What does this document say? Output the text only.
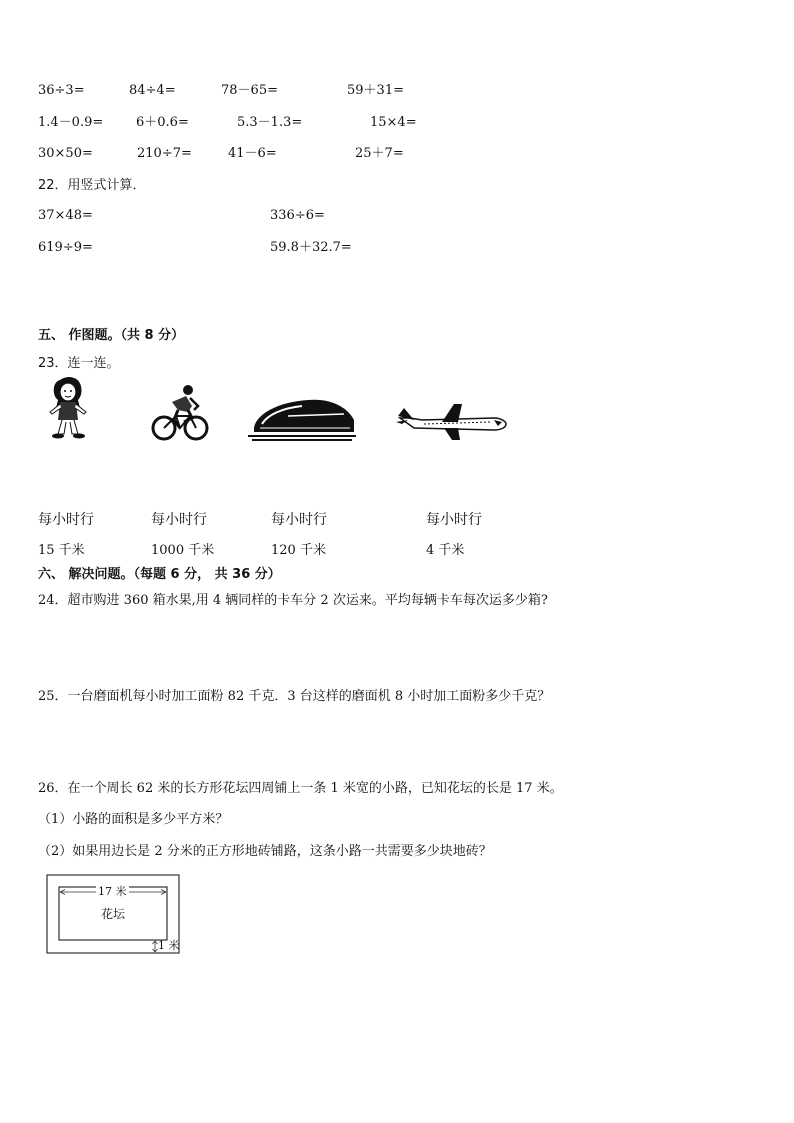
36÷3=	84÷4=	78－65=	59＋31=
1.4－0.9=	6＋0.6=	5.3－1.3=	15×4=
30×50=	210÷7=	41－6=	25＋7=
22．用竖式计算．
37×48=	336÷6=
619÷9=	59.8＋32.7=
五、 作图题。（共 8 分）
23．连一连。
每小时行	每小时行	每小时行	每小时行
15 千米	1000 千米	120 千米	4 千米
六、 解决问题。（每题 6 分， 共 36 分）
24．超市购进 360 箱水果,用 4 辆同样的卡车分 2 次运来。平均每辆卡车每次运多少箱?
25．一台磨面机每小时加工面粉 82 千克．3 台这样的磨面机 8 小时加工面粉多少千克？
26．在一个周长 62 米的长方形花坛四周铺上一条 1 米宽的小路，已知花坛的长是 17 米。
（1）小路的面积是多少平方米？
（2）如果用边长是 2 分米的正方形地砖铺路，这条小路一共需要多少块地砖？
17 米
花坛
1 米
